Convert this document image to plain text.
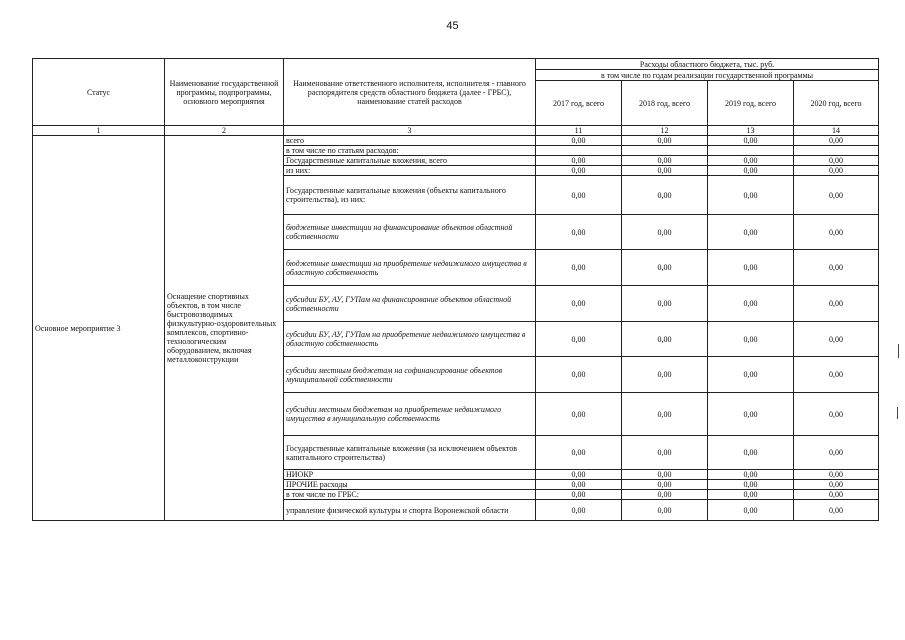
45
Статус	Наименование государственной программы, подпрограммы, основного мероприятия	Наименование ответственного исполнителя, исполнителя - главного распорядителя средств областного бюджета (далее - ГРБС), наименование статей расходов	Расходы областного бюджета, тыс. руб.			
			в том числе по годам реализации государственной программы			
			2017 год, всего	2018 год, всего	2019 год, всего	2020 год, всего
1	2	3	11	12	13	14
Основное мероприятие 3	Оснащение спортивных объектов, в том числе быстровозводимых физкультурно-оздоровительных комплексов, спортивно-технологическим оборудованием, включая металлоконструкции	всего	0,00	0,00	0,00	0,00
		в том числе по статьям расходов:				
		Государственные капитальные вложения, всего	0,00	0,00	0,00	0,00
		из них:	0,00	0,00	0,00	0,00
		Государственные капитальные вложения (объекты капитального строительства), из них:	0,00	0,00	0,00	0,00
		бюджетные инвестиции на финансирование объектов областной собственности	0,00	0,00	0,00	0,00
		бюджетные инвестиции на приобретение недвижимого имущества в областную собственность	0,00	0,00	0,00	0,00
		субсидии БУ, АУ, ГУПам на финансирование объектов областной собственности	0,00	0,00	0,00	0,00
		субсидии БУ, АУ, ГУПам на приобретение недвижимого имущества в областную собственность	0,00	0,00	0,00	0,00
		субсидии местным бюджетам на софинансирование объектов муниципальной собственности	0,00	0,00	0,00	0,00
		субсидии местным бюджетам на приобретение недвижимого имущества в муниципальную собственность	0,00	0,00	0,00	0,00
		Государственные капитальные вложения (за исключением объектов капитального строительства)	0,00	0,00	0,00	0,00
		НИОКР	0,00	0,00	0,00	0,00
		ПРОЧИЕ расходы	0,00	0,00	0,00	0,00
		в том числе по ГРБС:	0,00	0,00	0,00	0,00
		управление физической культуры и спорта Воронежской области	0,00	0,00	0,00	0,00
